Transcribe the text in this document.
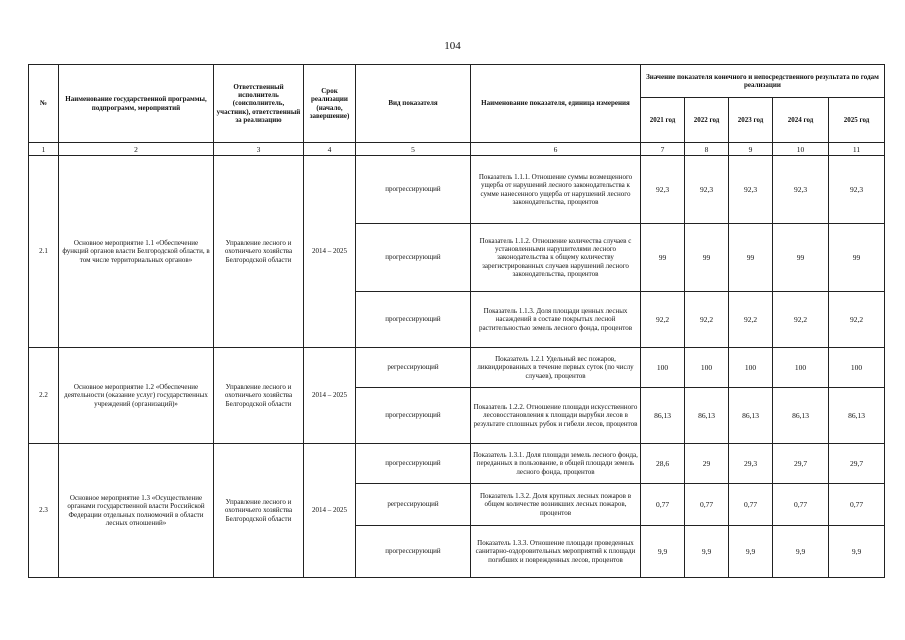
104
№	Наименование государственной программы, подпрограмм, мероприятий	Ответственный исполнитель (соисполнитель, участник), ответственный за реализацию	Срок реализации (начало, завершение)	Вид показателя	Наименование показателя, единица измерения	Значение показателя конечного и непосредственного результата по годам реализации				
						2021 год	2022 год	2023 год	2024 год	2025 год
1	2	3	4	5	6	7	8	9	10	11
2.1	Основное мероприятие 1.1 «Обеспечение функций органов власти Белгородской области, в том числе территориальных органов»	Управление лесного и охотничьего хозяйства Белгородской области	2014 – 2025	прогрессирующий	Показатель 1.1.1. Отношение суммы возмещенного ущерба от нарушений лесного законодательства к сумме нанесенного ущерба от нарушений лесного законодательства, процентов	92,3	92,3	92,3	92,3	92,3
				прогрессирующий	Показатель 1.1.2. Отношение количества случаев с установленными нарушителями лесного законодательства к общему количеству зарегистрированных случаев нарушений лесного законодательства, процентов	99	99	99	99	99
				прогрессирующий	Показатель 1.1.3. Доля площади ценных лесных насаждений в составе покрытых лесной растительностью земель лесного фонда, процентов	92,2	92,2	92,2	92,2	92,2
2.2	Основное мероприятие 1.2 «Обеспечение деятельности (оказание услуг) государственных учреждений (организаций)»	Управление лесного и охотничьего хозяйства Белгородской области	2014 – 2025	регрессирующий	Показатель 1.2.1 Удельный вес пожаров, ликвидированных в течение первых суток (по числу случаев), процентов	100	100	100	100	100
				прогрессирующий	Показатель 1.2.2. Отношение площади искусственного лесовосстановления к площади вырубки лесов в результате сплошных рубок и гибели лесов, процентов	86,13	86,13	86,13	86,13	86,13
2.3	Основное мероприятие 1.3 «Осуществление органами государственной власти Российской Федерации отдельных полномочий в области лесных отношений»	Управление лесного и охотничьего хозяйства Белгородской области	2014 – 2025	прогрессирующий	Показатель 1.3.1. Доля площади земель лесного фонда, переданных в пользование, в общей площади земель лесного фонда, процентов	28,6	29	29,3	29,7	29,7
				регрессирующий	Показатель 1.3.2. Доля крупных лесных пожаров в общем количестве возникших лесных пожаров, процентов	0,77	0,77	0,77	0,77	0,77
				прогрессирующий	Показатель 1.3.3. Отношение площади проведенных санитарно-оздоровительных мероприятий к площади погибших и поврежденных лесов, процентов	9,9	9,9	9,9	9,9	9,9
